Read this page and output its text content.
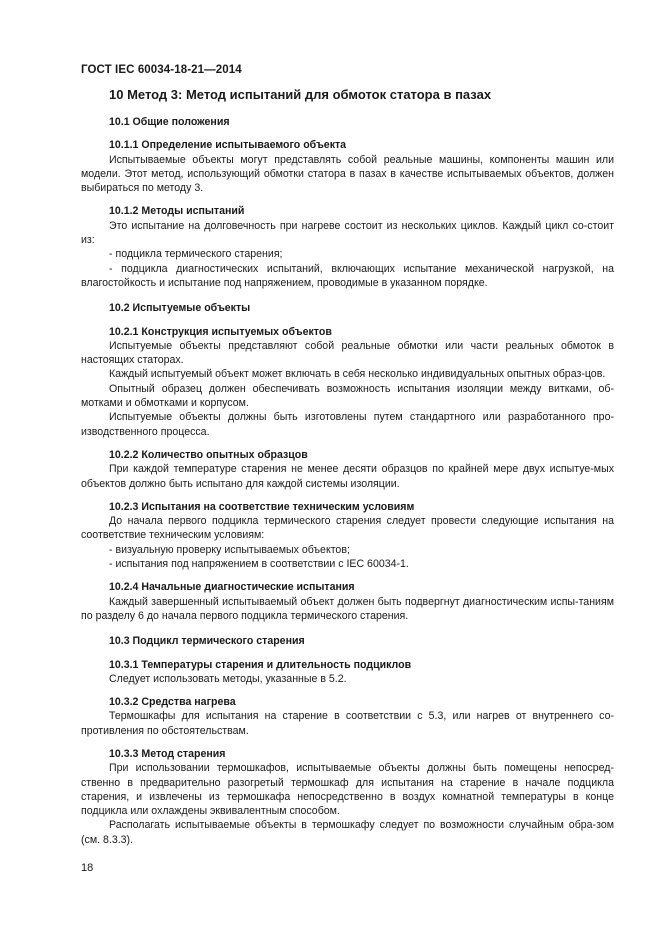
ГОСТ IEC 60034-18-21—2014
10 Метод 3: Метод испытаний для обмоток статора в пазах
10.1 Общие положения
10.1.1 Определение испытываемого объекта
Испытываемые объекты могут представлять собой реальные машины, компоненты машин или модели. Этот метод, использующий обмотки статора в пазах в качестве испытываемых объектов, должен выбираться по методу 3.
10.1.2 Методы испытаний
Это испытание на долговечность при нагреве состоит из нескольких циклов. Каждый цикл со-стоит из:
- подцикла термического старения;
- подцикла диагностических испытаний, включающих испытание механической нагрузкой, на влагостойкость и испытание под напряжением, проводимые в указанном порядке.
10.2 Испытуемые объекты
10.2.1 Конструкция испытуемых объектов
Испытуемые объекты представляют собой реальные обмотки или части реальных обмоток в настоящих статорах.
Каждый испытуемый объект может включать в себя несколько индивидуальных опытных образ-цов.
Опытный образец должен обеспечивать возможность испытания изоляции между витками, об-мотками и обмотками и корпусом.
Испытуемые объекты должны быть изготовлены путем стандартного или разработанного про-изводственного процесса.
10.2.2 Количество опытных образцов
При каждой температуре старения не менее десяти образцов по крайней мере двух испытуе-мых объектов должно быть испытано для каждой системы изоляции.
10.2.3 Испытания на соответствие техническим условиям
До начала первого подцикла термического старения следует провести следующие испытания на соответствие техническим условиям:
- визуальную проверку испытываемых объектов;
- испытания под напряжением в соответствии с IEC 60034-1.
10.2.4 Начальные диагностические испытания
Каждый завершенный испытываемый объект должен быть подвергнут диагностическим испы-таниям по разделу 6 до начала первого подцикла термического старения.
10.3 Подцикл термического старения
10.3.1 Температуры старения и длительность подциклов
Следует использовать методы, указанные в 5.2.
10.3.2 Средства нагрева
Термошкафы для испытания на старение в соответствии с 5.3, или нагрев от внутреннего со-противления по обстоятельствам.
10.3.3 Метод старения
При использовании термошкафов, испытываемые объекты должны быть помещены непосред-ственно в предварительно разогретый термошкаф для испытания на старение в начале подцикла старения, и извлечены из термошкафа непосредственно в воздух комнатной температуры в конце подцикла или охлаждены эквивалентным способом.
Располагать испытываемые объекты в термошкафу следует по возможности случайным обра-зом (см. 8.3.3).
18
